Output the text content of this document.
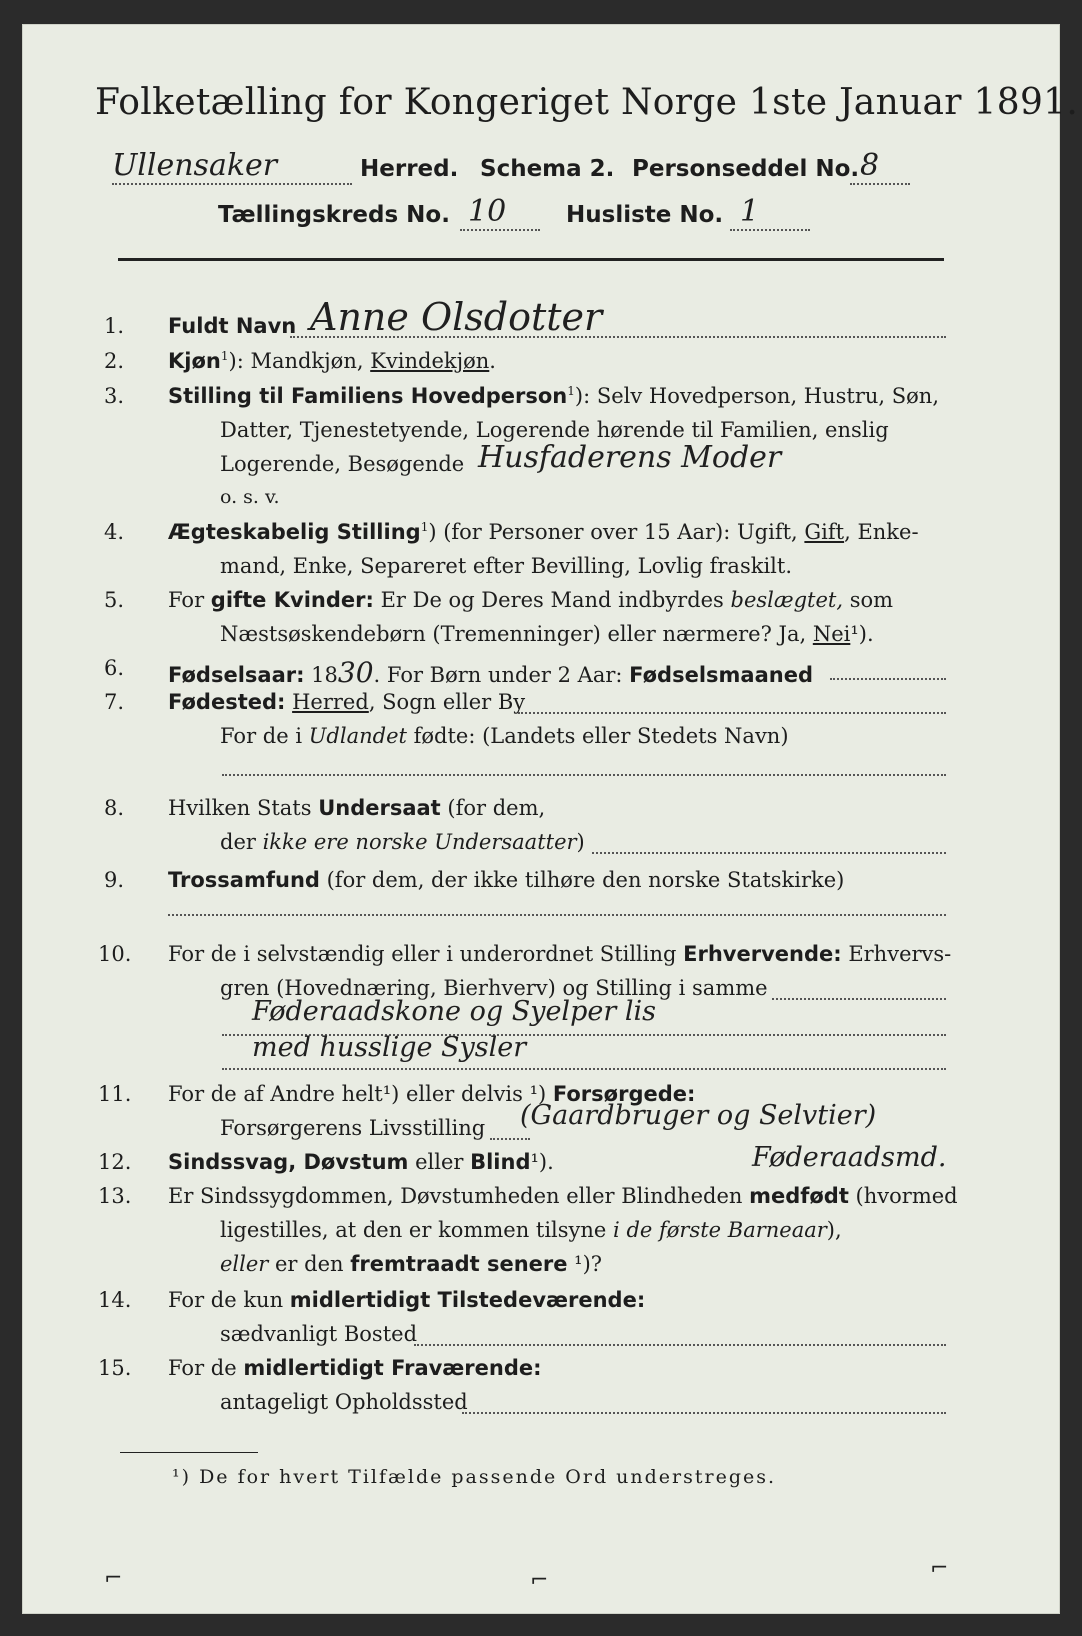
Folketælling for Kongeriget Norge 1ste Januar 1891.
Ullensaker	Herred. Schema 2. Personseddel No. 8
Tællingskreds No. 10	Husliste No. 1
1. Fuldt Navn Anne Olsdotter
2. Kjøn$^1$): Mandkjøn, Kvindekjøn.
3. Stilling til Familiens Hovedperson$^1$): Selv Hovedperson, Hustru, Søn,
Datter, Tjenestetyende, Logerende hørende til Familien, enslig
Logerende, Besøgende Husfaderens Moder
o. s. v.
4. Ægteskabelig Stilling$^1$) (for Personer over 15 Aar): Ugift, Gift, Enke-
mand, Enke, Separeret efter Bevilling, Lovlig fraskilt.
5. For gifte Kvinder: Er De og Deres Mand indbyrdes beslægtet, som
Næstsøskendebørn (Tremenninger) eller nærmere? Ja, Nei¹).
6. Fødselsaar: 1830. For Børn under 2 Aar: Fødselsmaaned
7. Fødested: Herred, Sogn eller By
For de i Udlandet fødte: (Landets eller Stedets Navn)
8. Hvilken Stats Undersaat (for dem,
der ikke ere norske Undersaatter)
9. Trossamfund (for dem, der ikke tilhøre den norske Statskirke)
10. For de i selvstændig eller i underordnet Stilling Erhvervende: Erhvervs-
gren (Hovednæring, Bierhverv) og Stilling i samme
Føderaadskone og Syelper lis
med husslige Sysler
11. For de af Andre helt¹) eller delvis ¹) Forsørgede:
Forsørgerens Livsstilling (Gaardbruger og Selvtier)
Føderaadsmd.
12. Sindssvag, Døvstum eller Blind¹).
13. Er Sindssygdommen, Døvstumheden eller Blindheden medfødt (hvormed
ligestilles, at den er kommen tilsyne i de første Barneaar),
eller er den fremtraadt senere ¹)?
14. For de kun midlertidigt Tilstedeværende:
sædvanligt Bosted
15. For de midlertidigt Fraværende:
antageligt Opholdssted
¹) De for hvert Tilfælde passende Ord understreges.
⌐	⌐	⌐
